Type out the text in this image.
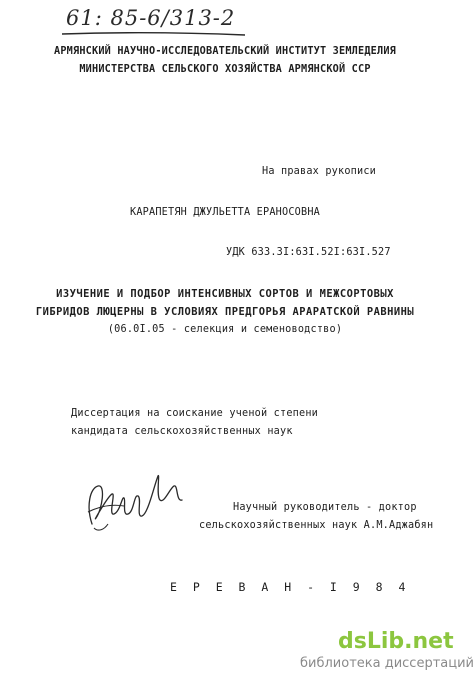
61: 85-6/313-2
АРМЯНСКИЙ НАУЧНО-ИССЛЕДОВАТЕЛЬСКИЙ ИНСТИТУТ ЗЕМЛЕДЕЛИЯ
МИНИСТЕРСТВА СЕЛЬСКОГО ХОЗЯЙСТВА АРМЯНСКОЙ ССР
На правах рукописи
КАРАПЕТЯН ДЖУЛЬЕТТА ЕРАНОСОВНА
УДК 633.3I:63I.52I:63I.527
ИЗУЧЕНИЕ И ПОДБОР ИНТЕНСИВНЫХ СОРТОВ И МЕЖСОРТОВЫХ
ГИБРИДОВ ЛЮЦЕРНЫ В УСЛОВИЯХ ПРЕДГОРЬЯ АРАРАТСКОЙ РАВНИНЫ
(06.0I.05 - селекция и семеноводство)
Диссертация на соискание ученой степени
кандидата сельскохозяйственных наук
Научный руководитель - доктор
сельскохозяйственных наук А.М.Аджабян
Е Р Е В А Н - I 9 8 4
dsLib.net
библиотека диссертаций
